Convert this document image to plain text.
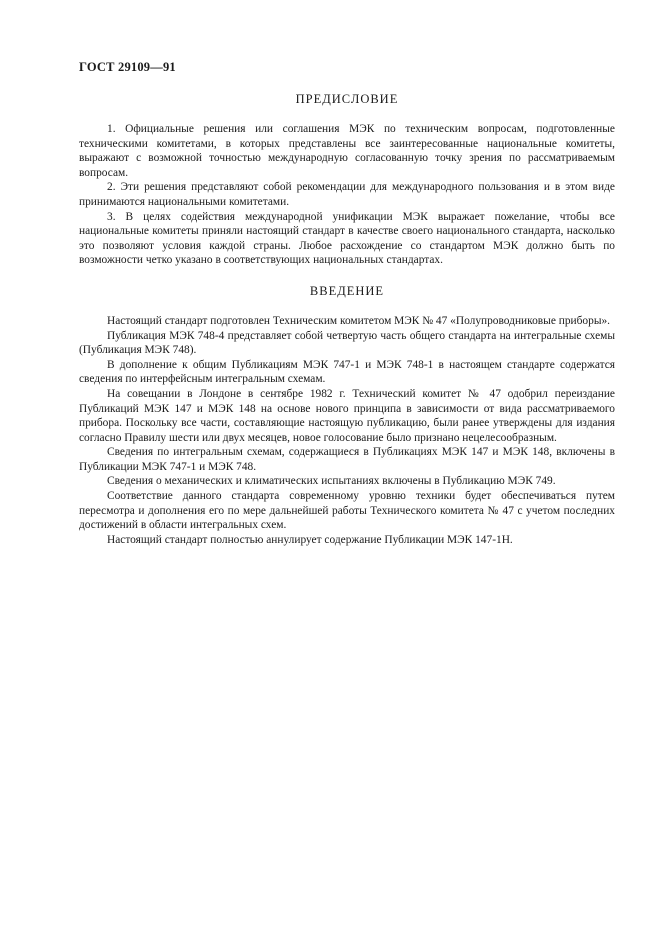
ГОСТ 29109—91
ПРЕДИСЛОВИЕ

1. Официальные решения или соглашения МЭК по техническим вопросам, подготовленные техническими комитетами, в которых представлены все заинтересованные национальные комитеты, выражают с возможной точностью международную согласованную точку зрения по рассматриваемым вопросам.

2. Эти решения представляют собой рекомендации для международного пользования и в этом виде принимаются национальными комитетами.

3. В целях содействия международной унификации МЭК выражает пожелание, чтобы все национальные комитеты приняли настоящий стандарт в качестве своего национального стандарта, насколько это позволяют условия каждой страны. Любое расхождение со стандартом МЭК должно быть по возможности четко указано в соответствующих национальных стандартах.

ВВЕДЕНИЕ

Настоящий стандарт подготовлен Техническим комитетом МЭК № 47 «Полупроводниковые приборы».

Публикация МЭК 748-4 представляет собой четвертую часть общего стандарта на интегральные схемы (Публикация МЭК 748).

В дополнение к общим Публикациям МЭК 747-1 и МЭК 748-1 в настоящем стандарте содержатся сведения по интерфейсным интегральным схемам.

На совещании в Лондоне в сентябре 1982 г. Технический комитет № 47 одобрил переиздание Публикаций МЭК 147 и МЭК 148 на основе нового принципа в зависимости от вида рассматриваемого прибора. Поскольку все части, составляющие настоящую публикацию, были ранее утверждены для издания согласно Правилу шести или двух месяцев, новое голосование было признано нецелесообразным.

Сведения по интегральным схемам, содержащиеся в Публикациях МЭК 147 и МЭК 148, включены в Публикации МЭК 747-1 и МЭК 748.

Сведения о механических и климатических испытаниях включены в Публикацию МЭК 749.

Соответствие данного стандарта современному уровню техники будет обеспечиваться путем пересмотра и дополнения его по мере дальнейшей работы Технического комитета № 47 с учетом последних достижений в области интегральных схем.

Настоящий стандарт полностью аннулирует содержание Публикации МЭК 147-1Н.
